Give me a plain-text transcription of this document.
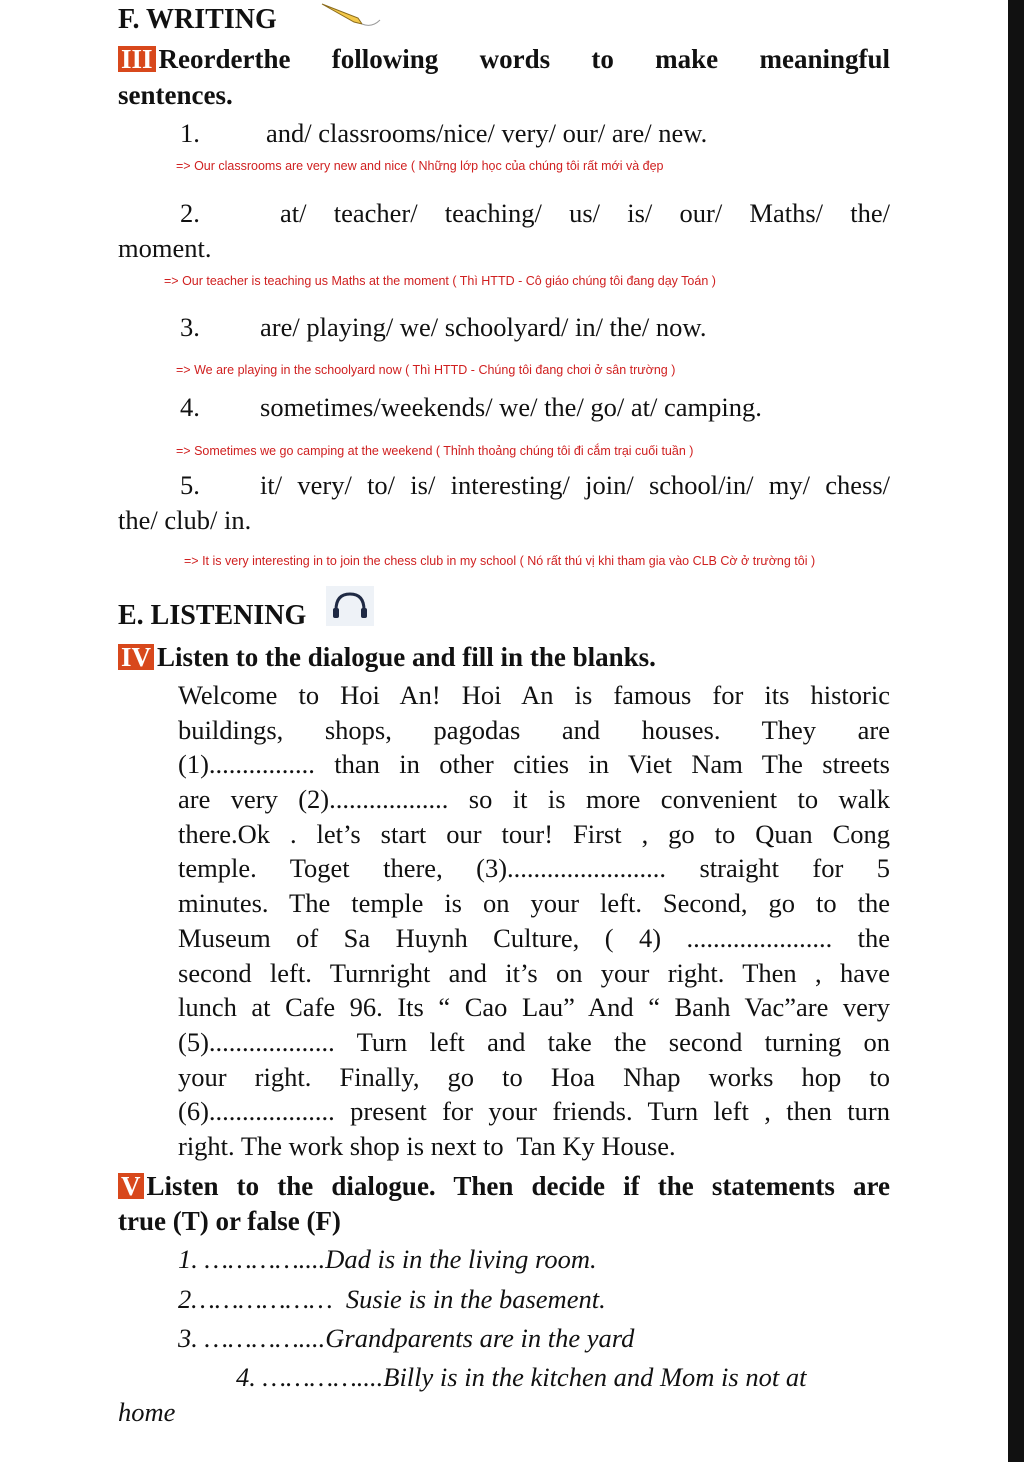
F. WRITING
III Reorderthe following words to make meaningful
sentences.
1. and/ classrooms/nice/ very/ our/ are/ new.
=> Our classrooms are very new and nice ( Những lớp học của chúng tôi rất mới và đẹp
2.	at/ teacher/ teaching/ us/ is/ our/ Maths/ the/
moment.
=> Our teacher is teaching us Maths at the moment ( Thì HTTD - Cô giáo chúng tôi đang dạy Toán )
3. are/ playing/ we/ schoolyard/ in/ the/ now.
=> We are playing in the schoolyard now ( Thì HTTD - Chúng tôi đang chơi ở sân trường )
4. sometimes/weekends/ we/ the/ go/ at/ camping.
=> Sometimes we go camping at the weekend ( Thỉnh thoảng chúng tôi đi cắm trại cuối tuần )
5. it/ very/ to/ is/ interesting/ join/ school/in/ my/ chess/
the/ club/ in.
=> It is very interesting in to join the chess club in my school ( Nó rất thú vị khi tham gia vào CLB Cờ ở trường tôi )
E. LISTENING
IV Listen to the dialogue and fill in the blanks.
Welcome to Hoi An! Hoi An is famous for its historic
buildings, shops, pagodas and houses. They are
(1)................ than in other cities in Viet Nam The streets
are very (2).................. so it is more convenient to walk
there.Ok . let’s start our tour! First , go to Quan Cong
temple. Toget there, (3)........................ straight for 5
minutes. The temple is on your left. Second, go to the
Museum of Sa Huynh Culture, ( 4) ...................... the
second left. Turnright and it’s on your right. Then , have
lunch at Cafe 96. Its “ Cao Lau” And “ Banh Vac”are very
(5)................... Turn left and take the second turning on
your right. Finally, go to Hoa Nhap works hop to
(6)................... present for your friends. Turn left , then turn
right. The work shop is next to  Tan Ky House.
V Listen to the dialogue. Then decide if the statements are
true (T) or false (F)
1. …………....Dad is in the living room.
2………………  Susie is in the basement.
3. …………....Grandparents are in the yard
4. …………....Billy is in the kitchen and Mom is not at
home
